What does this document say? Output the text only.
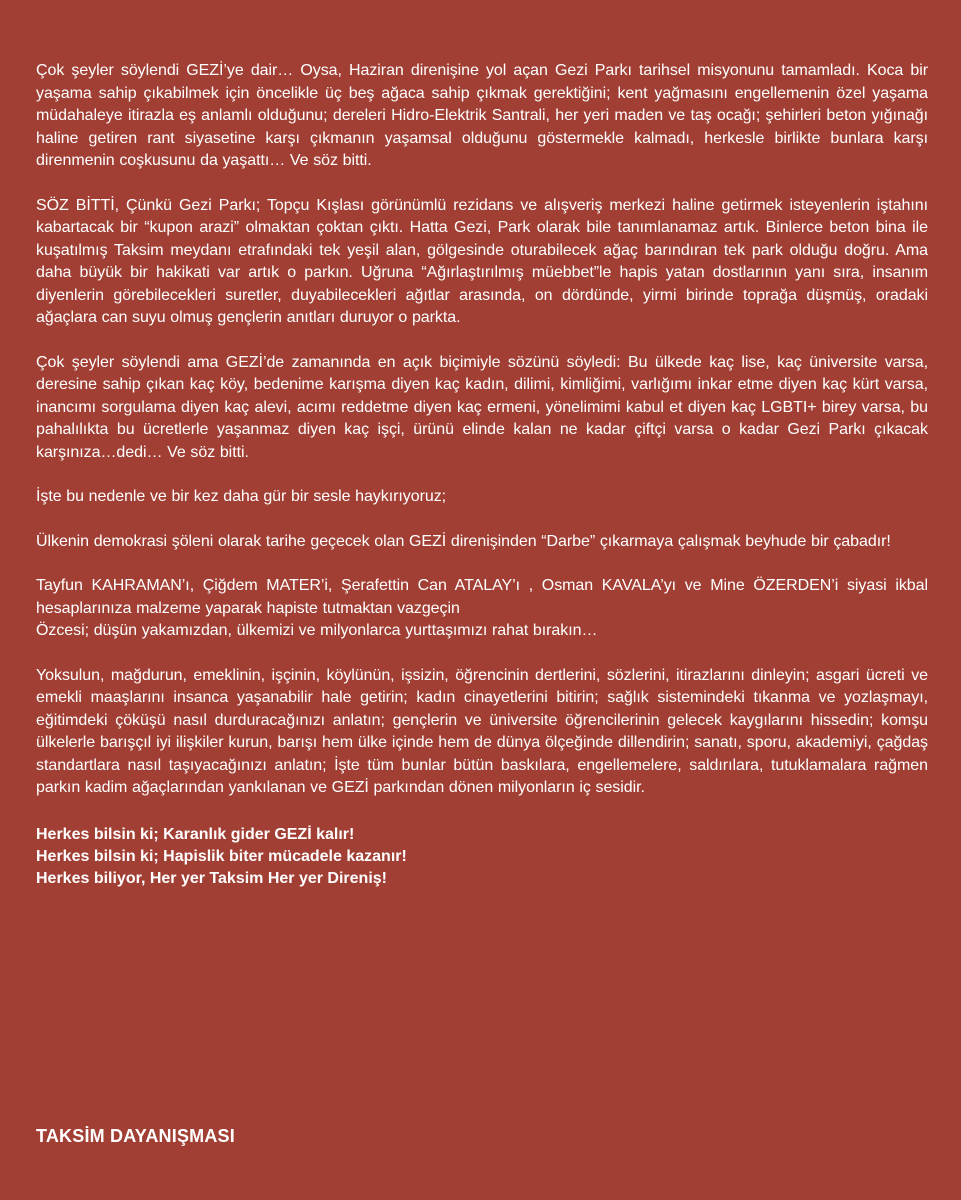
Çok şeyler söylendi GEZİ’ye dair… Oysa, Haziran direnişine yol açan Gezi Parkı tarihsel misyonunu tamamladı. Koca bir yaşama sahip çıkabilmek için öncelikle üç beş ağaca sahip çıkmak gerektiğini; kent yağmasını engellemenin özel yaşama müdahaleye itirazla eş anlamlı olduğunu; dereleri Hidro-Elektrik Santrali, her yeri maden ve taş ocağı; şehirleri beton yığınağı haline getiren rant siyasetine karşı çıkmanın yaşamsal olduğunu göstermekle kalmadı, herkesle birlikte bunlara karşı direnmenin coşkusunu da yaşattı… Ve söz bitti.

SÖZ BİTTİ, Çünkü Gezi Parkı; Topçu Kışlası görünümlü rezidans ve alışveriş merkezi haline getirmek isteyenlerin iştahını kabartacak bir “kupon arazi” olmaktan çoktan çıktı. Hatta Gezi, Park olarak bile tanımlanamaz artık. Binlerce beton bina ile kuşatılmış Taksim meydanı etrafındaki tek yeşil alan, gölgesinde oturabilecek ağaç barındıran tek park olduğu doğru. Ama daha büyük bir hakikati var artık o parkın. Uğruna “Ağırlaştırılmış müebbet”le hapis yatan dostlarının yanı sıra, insanım diyenlerin görebilecekleri suretler, duyabilecekleri ağıtlar arasında, on dördünde, yirmi birinde toprağa düşmüş, oradaki ağaçlara can suyu olmuş gençlerin anıtları duruyor o parkta.

Çok şeyler söylendi ama GEZİ’de zamanında en açık biçimiyle sözünü söyledi: Bu ülkede kaç lise, kaç üniversite varsa, deresine sahip çıkan kaç köy, bedenime karışma diyen kaç kadın, dilimi, kimliğimi, varlığımı inkar etme diyen kaç kürt varsa, inancımı sorgulama diyen kaç alevi, acımı reddetme diyen kaç ermeni, yönelimimi kabul et diyen kaç LGBTI+ birey varsa, bu pahalılıkta bu ücretlerle yaşanmaz diyen kaç işçi, ürünü elinde kalan ne kadar çiftçi varsa o kadar Gezi Parkı çıkacak karşınıza…dedi… Ve söz bitti.

İşte bu nedenle ve bir kez daha gür bir sesle haykırıyoruz;

Ülkenin demokrasi şöleni olarak tarihe geçecek olan GEZİ direnişinden “Darbe” çıkarmaya çalışmak beyhude bir çabadır!

Tayfun KAHRAMAN’ı, Çiğdem MATER’i, Şerafettin Can ATALAY’ı , Osman KAVALA’yı ve Mine ÖZERDEN’i siyasi ikbal hesaplarınıza malzeme yaparak hapiste tutmaktan vazgeçin

Özcesi; düşün yakamızdan, ülkemizi ve milyonlarca yurttaşımızı rahat bırakın…

Yoksulun, mağdurun, emeklinin, işçinin, köylünün, işsizin, öğrencinin dertlerini, sözlerini, itirazlarını dinleyin; asgari ücreti ve emekli maaşlarını insanca yaşanabilir hale getirin; kadın cinayetlerini bitirin; sağlık sistemindeki tıkanma ve yozlaşmayı, eğitimdeki çöküşü nasıl durduracağınızı anlatın; gençlerin ve üniversite öğrencilerinin gelecek kaygılarını hissedin; komşu ülkelerle barışçıl iyi ilişkiler kurun, barışı hem ülke içinde hem de dünya ölçeğinde dillendirin; sanatı, sporu, akademiyi, çağdaş standartlara nasıl taşıyacağınızı anlatın; İşte tüm bunlar bütün baskılara, engellemelere, saldırılara, tutuklamalara rağmen parkın kadim ağaçlarından yankılanan ve GEZİ parkından dönen milyonların iç sesidir.

Herkes bilsin ki; Karanlık gider GEZİ kalır!
Herkes bilsin ki; Hapislik biter mücadele kazanır!
Herkes biliyor, Her yer Taksim Her yer Direniş!
TAKSİM DAYANIŞMASI
